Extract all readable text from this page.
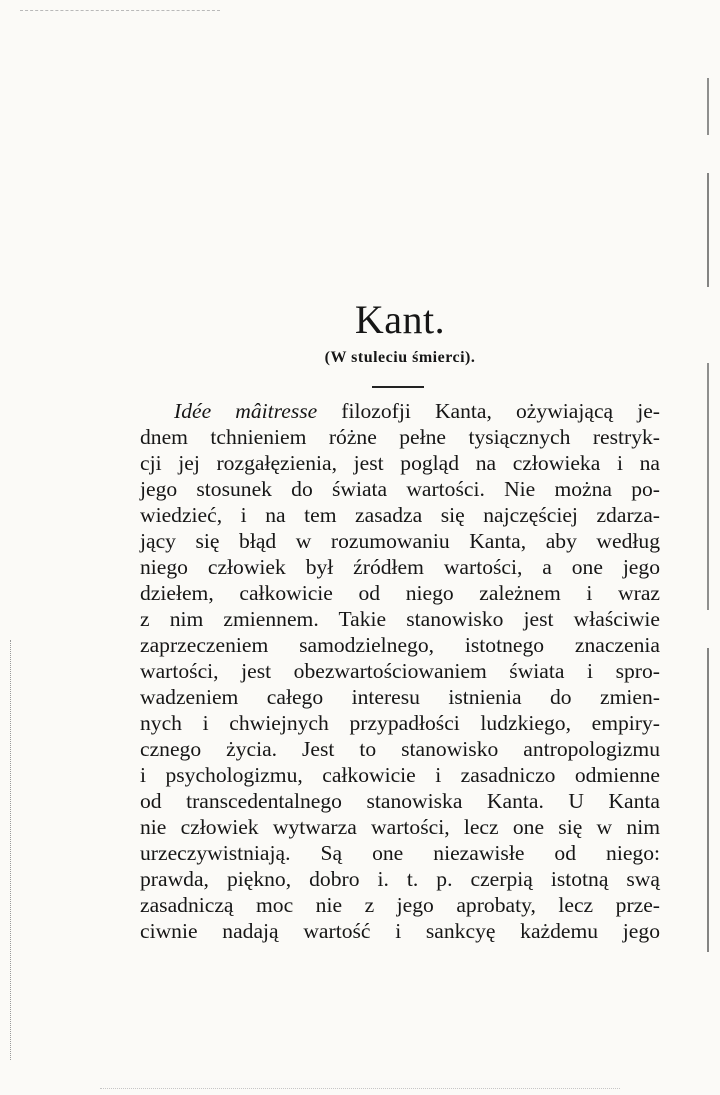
Kant.
(W stuleciu śmierci).
Idée mâitresse filozofji Kanta, ożywiającą je-
dnem tchnieniem różne pełne tysiącznych restryk-
cji jej rozgałęzienia, jest pogląd na człowieka i na
jego stosunek do świata wartości. Nie można po-
wiedzieć, i na tem zasadza się najczęściej zdarza-
jący się błąd w rozumowaniu Kanta, aby według
niego człowiek był źródłem wartości, a one jego
dziełem, całkowicie od niego zależnem i wraz
z nim zmiennem. Takie stanowisko jest właściwie
zaprzeczeniem samodzielnego, istotnego znaczenia
wartości, jest obezwartościowaniem świata i spro-
wadzeniem całego interesu istnienia do zmien-
nych i chwiejnych przypadłości ludzkiego, empiry-
cznego życia. Jest to stanowisko antropologizmu
i psychologizmu, całkowicie i zasadniczo odmienne
od transcedentalnego stanowiska Kanta. U Kanta
nie człowiek wytwarza wartości, lecz one się w nim
urzeczywistniają. Są one niezawisłe od niego:
prawda, piękno, dobro i. t. p. czerpią istotną swą
zasadniczą moc nie z jego aprobaty, lecz prze-
ciwnie nadają wartość i sankcyę każdemu jego
